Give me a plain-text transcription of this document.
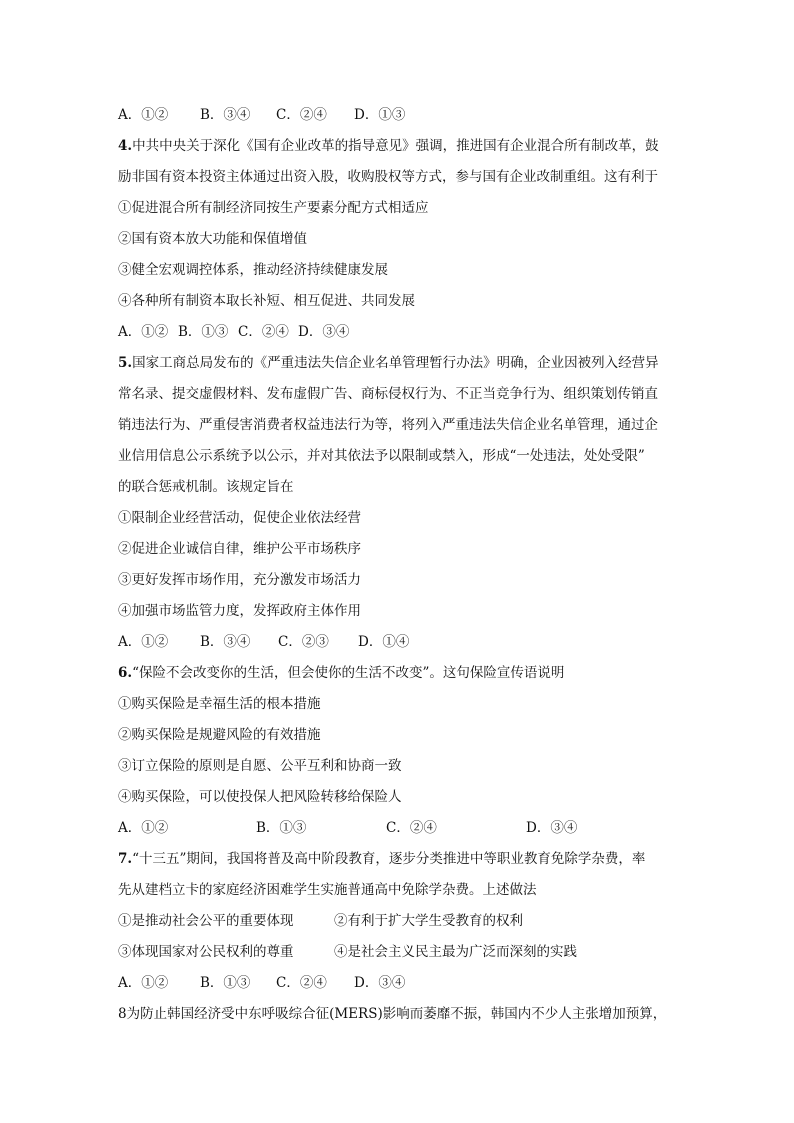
A．①②	B．③④	C．②④	D．①③
4.中共中央关于深化《国有企业改革的指导意见》强调，推进国有企业混合所有制改革，鼓
励非国有资本投资主体通过出资入股，收购股权等方式，参与国有企业改制重组。这有利于
①促进混合所有制经济同按生产要素分配方式相适应
②国有资本放大功能和保值增值
③健全宏观调控体系，推动经济持续健康发展
④各种所有制资本取长补短、相互促进、共同发展
A．①② B．①③ C．②④ D．③④
5.国家工商总局发布的《严重违法失信企业名单管理暂行办法》明确，企业因被列入经营异
常名录、提交虚假材料、发布虚假广告、商标侵权行为、不正当竞争行为、组织策划传销直
销违法行为、严重侵害消费者权益违法行为等，将列入严重违法失信企业名单管理，通过企
业信用信息公示系统予以公示，并对其依法予以限制或禁入，形成“一处违法，处处受限”
的联合惩戒机制。该规定旨在
①限制企业经营活动，促使企业依法经营
②促进企业诚信自律，维护公平市场秩序
③更好发挥市场作用，充分激发市场活力
④加强市场监管力度，发挥政府主体作用
A．①②	B．③④	C．②③	D．①④
6.“保险不会改变你的生活，但会使你的生活不改变”。这句保险宣传语说明
①购买保险是幸福生活的根本措施
②购买保险是规避风险的有效措施
③订立保险的原则是自愿、公平互利和协商一致
④购买保险，可以使投保人把风险转移给保险人
A．①②	B．①③	C．②④	D．③④
7.“十三五”期间，我国将普及高中阶段教育，逐步分类推进中等职业教育免除学杂费，率
先从建档立卡的家庭经济困难学生实施普通高中免除学杂费。上述做法
①是推动社会公平的重要体现	②有利于扩大学生受教育的权利
③体现国家对公民权利的尊重	④是社会主义民主最为广泛而深刻的实践
A．①②	B．①③	C．②④	D．③④
8为防止韩国经济受中东呼吸综合征(MERS)影响而萎靡不振，韩国内不少人主张增加预算，
